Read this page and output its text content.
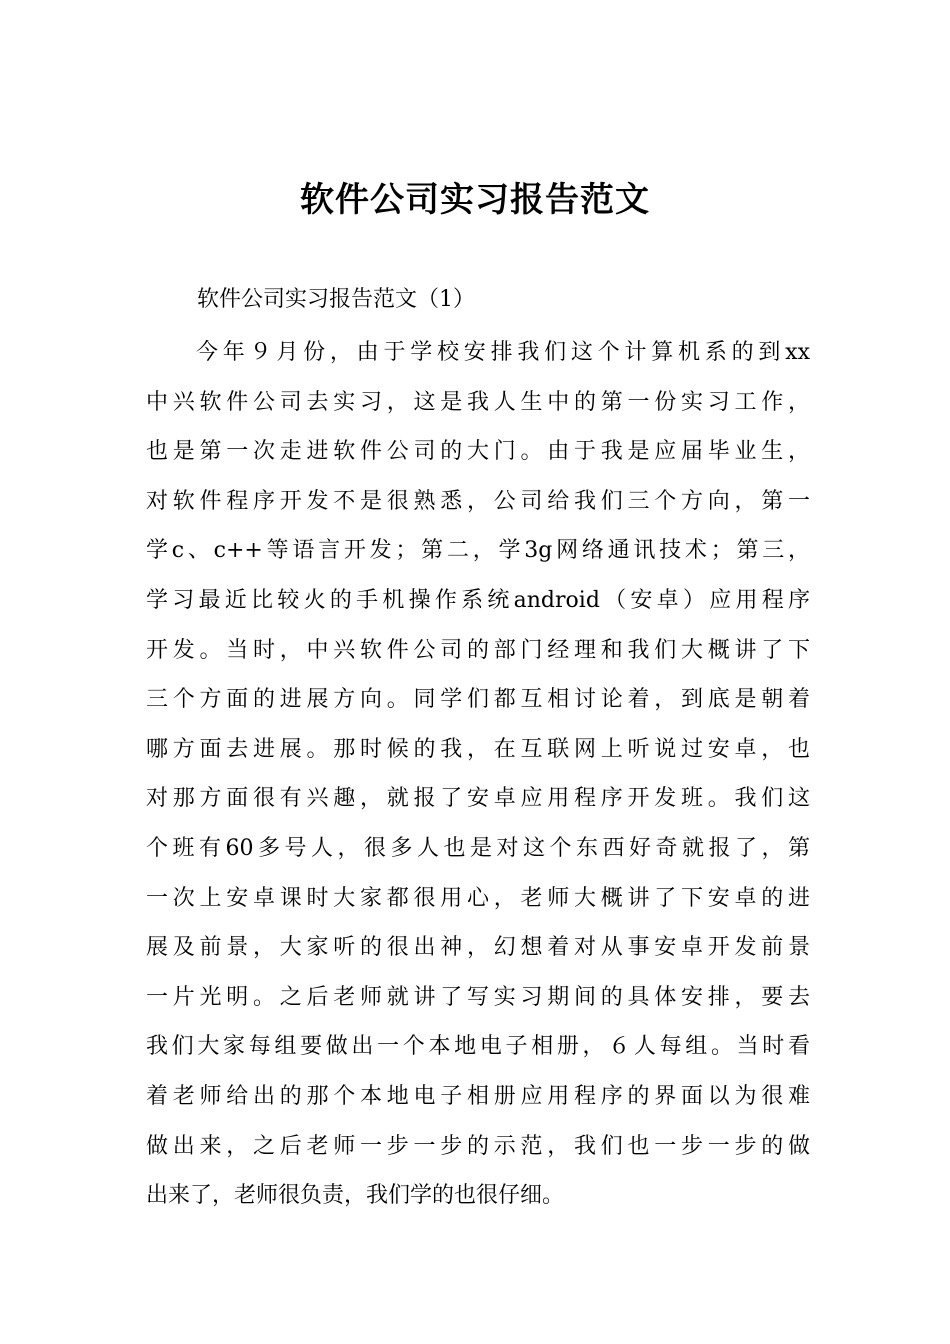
软件公司实习报告范文

软件公司实习报告范文（1）

今年９月份，由于学校安排我们这个计算机系的到xx
中兴软件公司去实习，这是我人生中的第一份实习工作，
也是第一次走进软件公司的大门。由于我是应届毕业生，
对软件程序开发不是很熟悉，公司给我们三个方向，第一
学c、c++等语言开发；第二，学3g网络通讯技术；第三，
学习最近比较火的手机操作系统android（安卓）应用程序
开发。当时，中兴软件公司的部门经理和我们大概讲了下
三个方面的进展方向。同学们都互相讨论着，到底是朝着
哪方面去进展。那时候的我，在互联网上听说过安卓，也
对那方面很有兴趣，就报了安卓应用程序开发班。我们这
个班有60多号人，很多人也是对这个东西好奇就报了，第
一次上安卓课时大家都很用心，老师大概讲了下安卓的进
展及前景，大家听的很出神，幻想着对从事安卓开发前景
一片光明。之后老师就讲了写实习期间的具体安排，要去
我们大家每组要做出一个本地电子相册，６人每组。当时看
着老师给出的那个本地电子相册应用程序的界面以为很难
做出来，之后老师一步一步的示范，我们也一步一步的做
出来了，老师很负责，我们学的也很仔细。
